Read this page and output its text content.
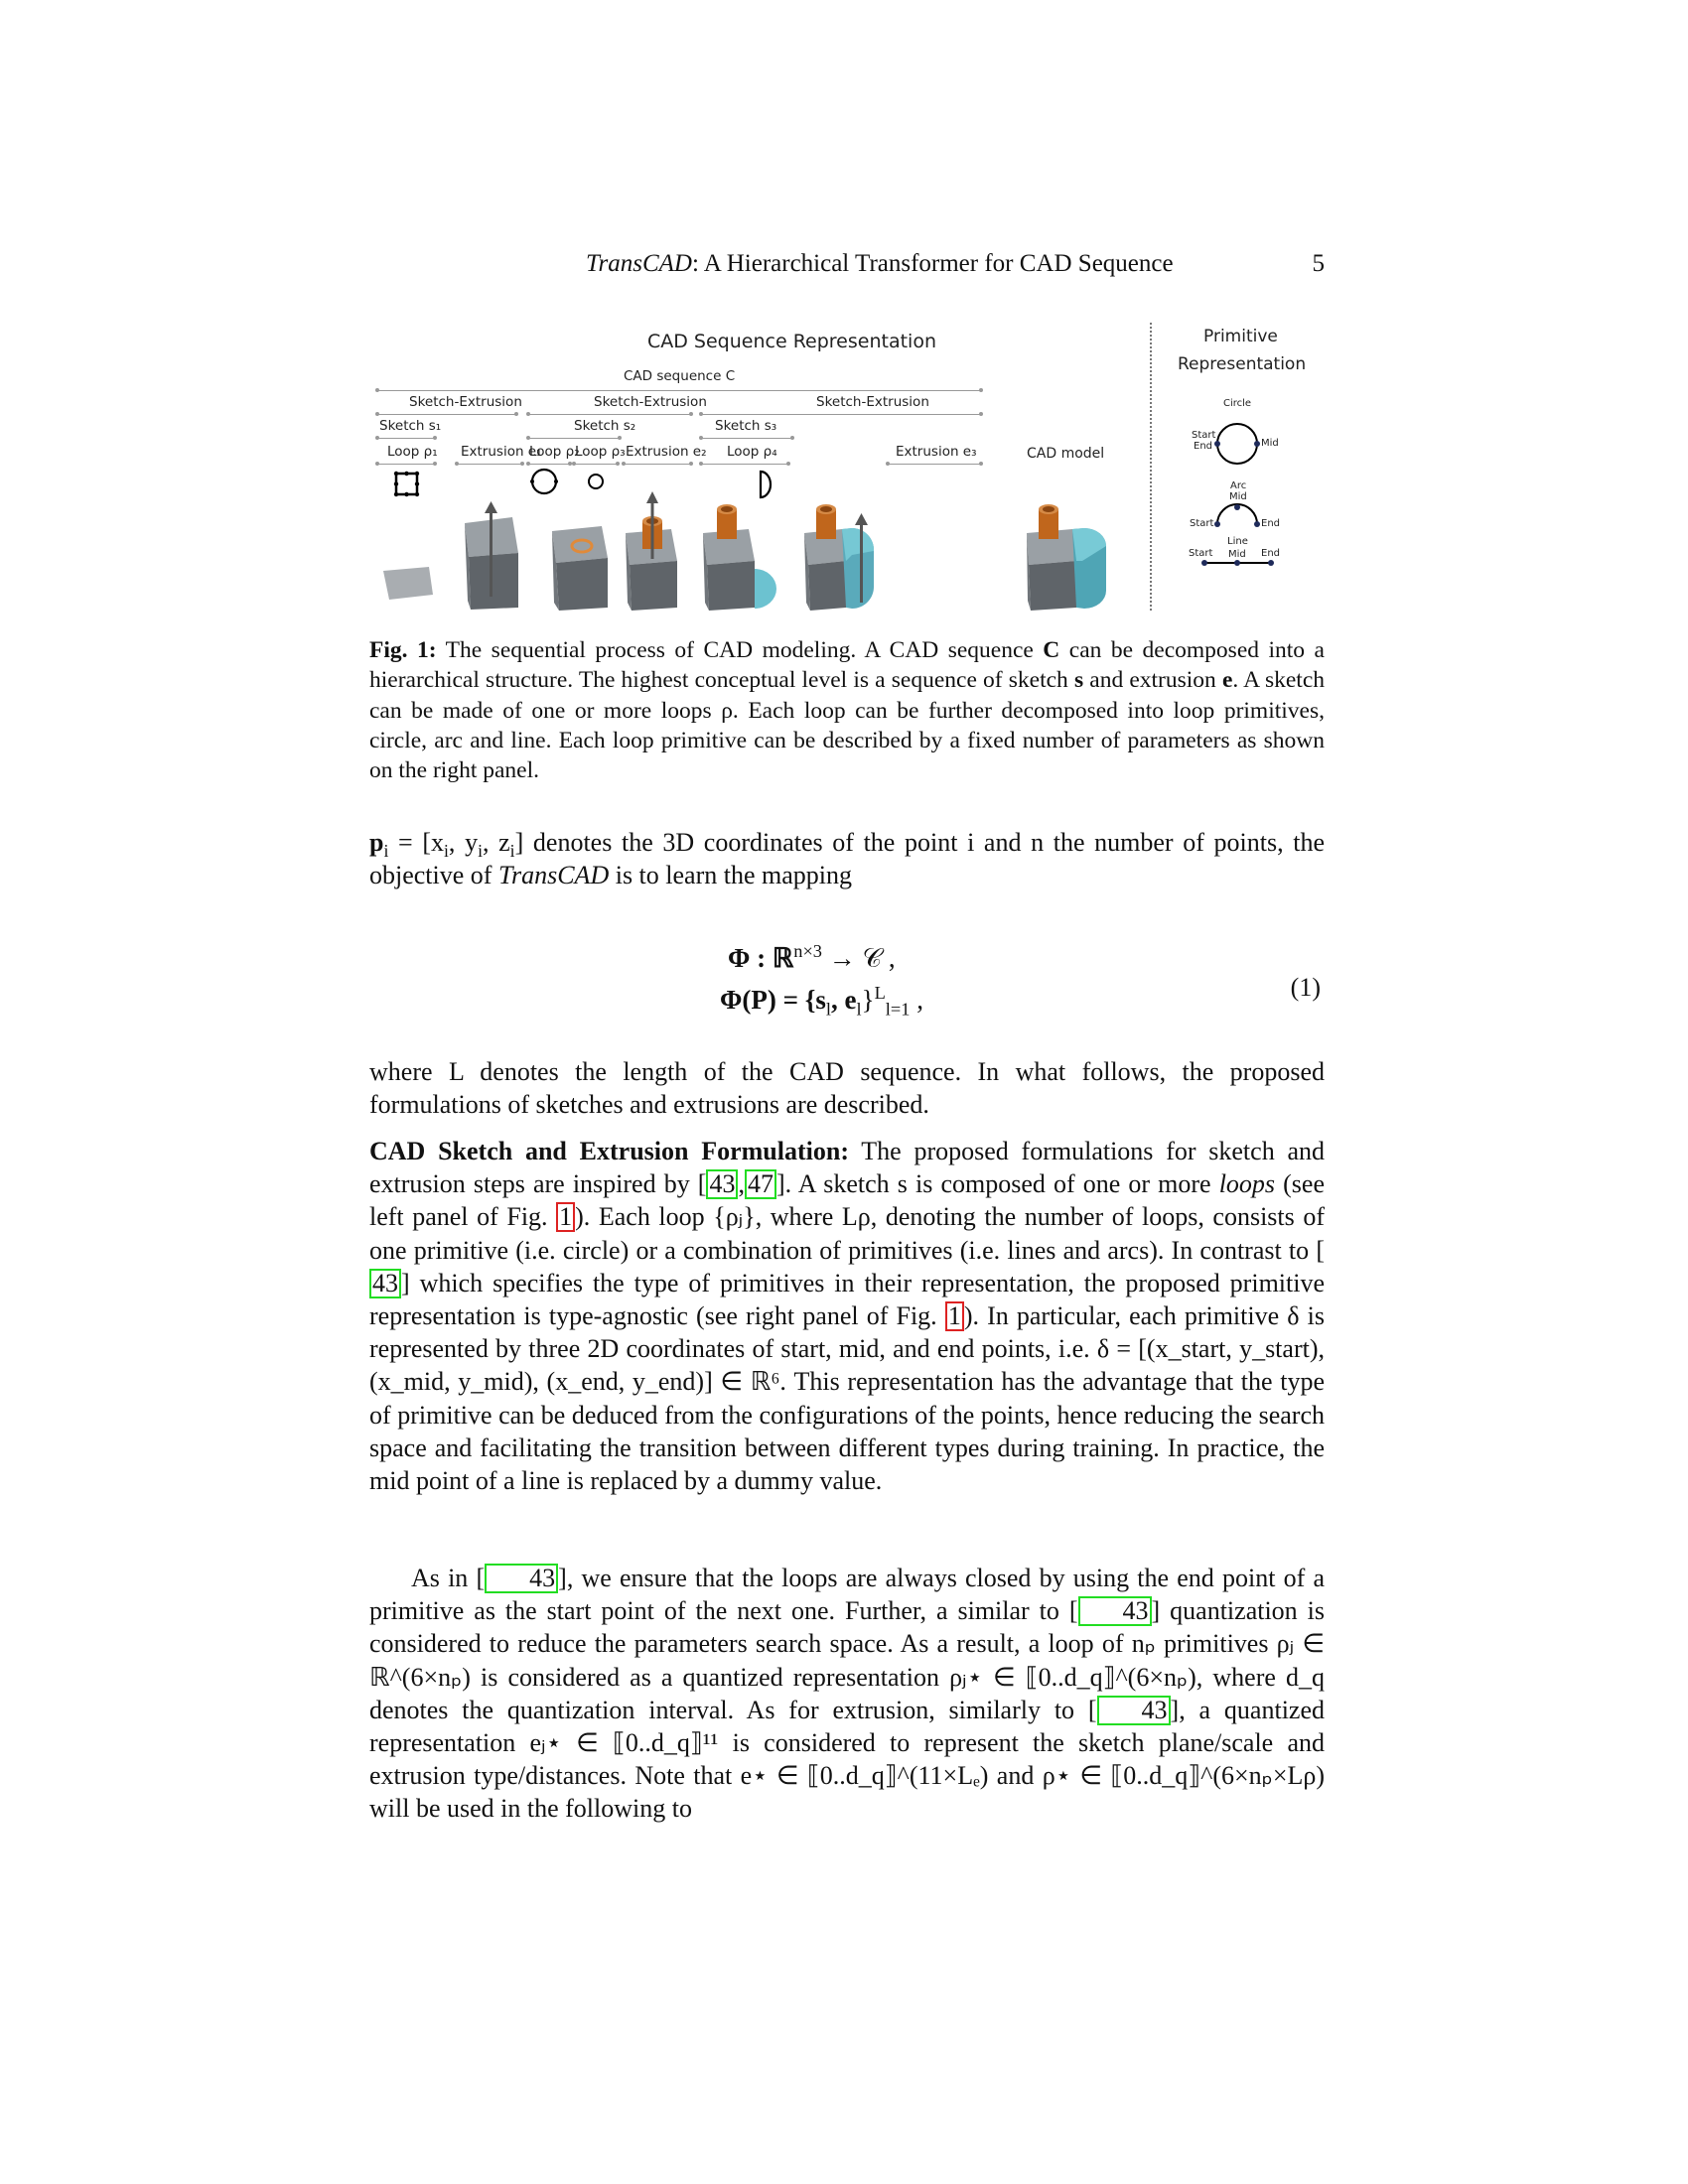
TransCAD: A Hierarchical Transformer for CAD Sequence	5
CAD Sequence Representation
CAD sequence C
Sketch-Extrusion	Sketch-Extrusion	Sketch-Extrusion
Sketch s₁	Sketch s₂	Sketch s₃
Loop ρ₁ Extrusion e₁
Loop ρ₂
Loop ρ₃ Extrusion e₂ Loop ρ₄	Extrusion e₃	CAD model
Primitive
Representation
Circle
Start
End	Mid
Arc
Mid
Start	End
Line
Start Mid End
Fig. 1: The sequential process of CAD modeling. A CAD sequence C can be decomposed into a hierarchical structure. The highest conceptual level is a sequence of sketch s and extrusion e. A sketch can be made of one or more loops ρ. Each loop can be further decomposed into loop primitives, circle, arc and line. Each loop primitive can be described by a fixed number of parameters as shown on the right panel.
$p_i = [x_i$, $y_i$, $z_i$] denotes the 3D coordinates of the point i and n the number of points, the objective of TransCAD is to learn the mapping
Φ : ℝ$^{n\times 3}$ → 𝒞 ,
$\Phi(P) = \{s_l$, $e_l\}^L_{l=1}$ ,	(1)
where L denotes the length of the CAD sequence. In what follows, the proposed formulations of sketches and extrusions are described.
CAD Sketch and Extrusion Formulation: The proposed formulations for sketch and extrusion steps are inspired by [ 43 , 47 ]. A sketch s is composed of one or more loops (see left panel of Fig. 1 ). Each loop {ρⱼ}, where Lρ, denoting the number of loops, consists of one primitive (i.e. circle) or a combination of primitives (i.e. lines and arcs). In contrast to [43 ] which specifies the type of primitives in their representation, the proposed primitive representation is type-agnostic (see right panel of Fig. 1 ). In particular, each primitive δ is represented by three 2D coordinates of start, mid, and end points, i.e. δ = [(x_start, y_start), (x_mid, y_mid), (x_end, y_end)] ∈ ℝ⁶. This representation has the advantage that the type of primitive can be deduced from the configurations of the points, hence reducing the search space and facilitating the transition between different types during training. In practice, the mid point of a line is replaced by a dummy value.
As in [ 43 ], we ensure that the loops are always closed by using the end point of a primitive as the start point of the next one. Further, a similar to [ 43 ] quantization is considered to reduce the parameters search space. As a result, a loop of nₚ primitives ρⱼ ∈ ℝ^(6×nₚ) is considered as a quantized representation ρⱼ⋆ ∈ ⟦0..d_q⟧^(6×nₚ), where d_q denotes the quantization interval. As for extrusion, similarly to [ 43 ], a quantized representation eⱼ⋆ ∈ ⟦0..d_q⟧¹¹ is considered to represent the sketch plane/scale and extrusion type/distances. Note that e⋆ ∈ ⟦0..d_q⟧^(11×Lₑ) and ρ⋆ ∈ ⟦0..d_q⟧^(6×nₚ×Lρ) will be used in the following to
